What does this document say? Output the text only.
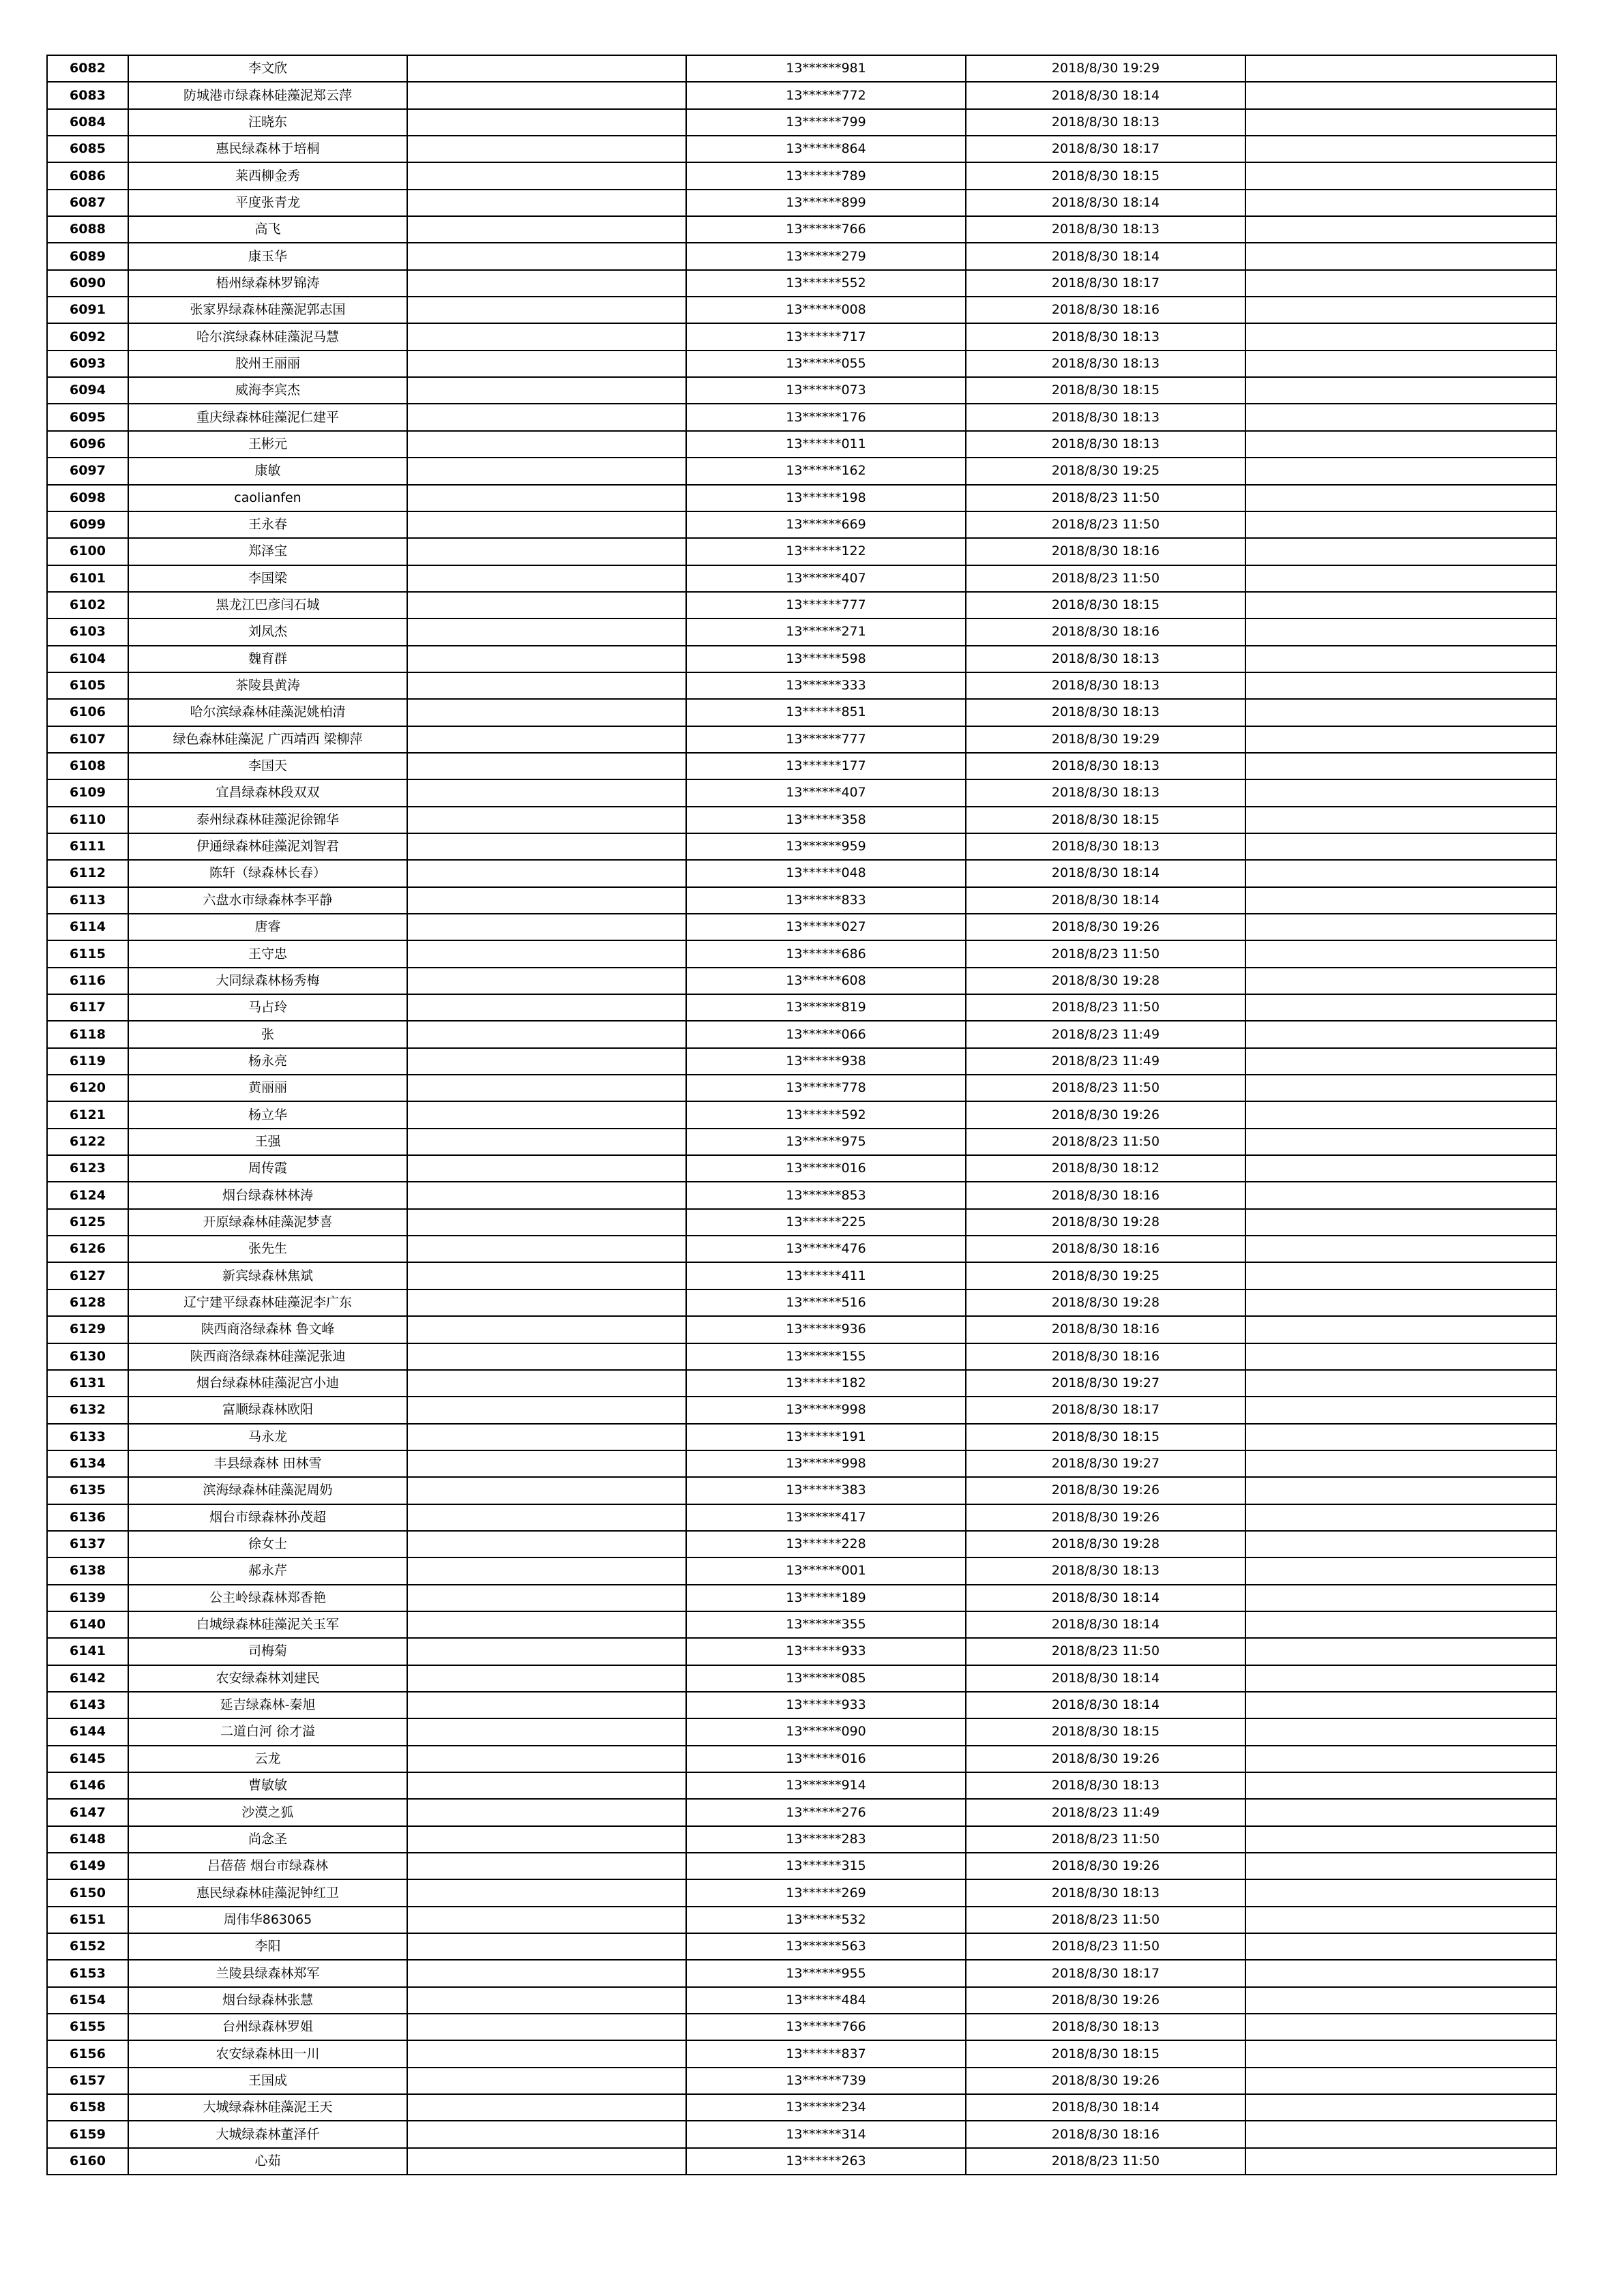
6082	李文欣		13******981	2018/8/30 19:29	
6083	防城港市绿森林硅藻泥郑云萍		13******772	2018/8/30 18:14	
6084	汪晓东		13******799	2018/8/30 18:13	
6085	惠民绿森林于培桐		13******864	2018/8/30 18:17	
6086	莱西柳金秀		13******789	2018/8/30 18:15	
6087	平度张青龙		13******899	2018/8/30 18:14	
6088	高飞		13******766	2018/8/30 18:13	
6089	康玉华		13******279	2018/8/30 18:14	
6090	梧州绿森林罗锦涛		13******552	2018/8/30 18:17	
6091	张家界绿森林硅藻泥郭志国		13******008	2018/8/30 18:16	
6092	哈尔滨绿森林硅藻泥马慧		13******717	2018/8/30 18:13	
6093	胶州王丽丽		13******055	2018/8/30 18:13	
6094	威海李宾杰		13******073	2018/8/30 18:15	
6095	重庆绿森林硅藻泥仁建平		13******176	2018/8/30 18:13	
6096	王彬元		13******011	2018/8/30 18:13	
6097	康敏		13******162	2018/8/30 19:25	
6098	caolianfen		13******198	2018/8/23 11:50	
6099	王永春		13******669	2018/8/23 11:50	
6100	郑泽宝		13******122	2018/8/30 18:16	
6101	李国梁		13******407	2018/8/23 11:50	
6102	黑龙江巴彦闫石城		13******777	2018/8/30 18:15	
6103	刘凤杰		13******271	2018/8/30 18:16	
6104	魏育群		13******598	2018/8/30 18:13	
6105	茶陵县黄涛		13******333	2018/8/30 18:13	
6106	哈尔滨绿森林硅藻泥姚柏清		13******851	2018/8/30 18:13	
6107	绿色森林硅藻泥 广西靖西 梁柳萍		13******777	2018/8/30 19:29	
6108	李国天		13******177	2018/8/30 18:13	
6109	宜昌绿森林段双双		13******407	2018/8/30 18:13	
6110	泰州绿森林硅藻泥徐锦华		13******358	2018/8/30 18:15	
6111	伊通绿森林硅藻泥刘智君		13******959	2018/8/30 18:13	
6112	陈轩（绿森林长春）		13******048	2018/8/30 18:14	
6113	六盘水市绿森林李平静		13******833	2018/8/30 18:14	
6114	唐睿		13******027	2018/8/30 19:26	
6115	王守忠		13******686	2018/8/23 11:50	
6116	大同绿森林杨秀梅		13******608	2018/8/30 19:28	
6117	马占玲		13******819	2018/8/23 11:50	
6118	张		13******066	2018/8/23 11:49	
6119	杨永亮		13******938	2018/8/23 11:49	
6120	黄丽丽		13******778	2018/8/23 11:50	
6121	杨立华		13******592	2018/8/30 19:26	
6122	王强		13******975	2018/8/23 11:50	
6123	周传霞		13******016	2018/8/30 18:12	
6124	烟台绿森林林涛		13******853	2018/8/30 18:16	
6125	开原绿森林硅藻泥梦喜		13******225	2018/8/30 19:28	
6126	张先生		13******476	2018/8/30 18:16	
6127	新宾绿森林焦斌		13******411	2018/8/30 19:25	
6128	辽宁建平绿森林硅藻泥李广东		13******516	2018/8/30 19:28	
6129	陕西商洛绿森林 鲁文峰		13******936	2018/8/30 18:16	
6130	陕西商洛绿森林硅藻泥张迪		13******155	2018/8/30 18:16	
6131	烟台绿森林硅藻泥宫小迪		13******182	2018/8/30 19:27	
6132	富顺绿森林欧阳		13******998	2018/8/30 18:17	
6133	马永龙		13******191	2018/8/30 18:15	
6134	丰县绿森林 田林雪		13******998	2018/8/30 19:27	
6135	滨海绿森林硅藻泥周奶		13******383	2018/8/30 19:26	
6136	烟台市绿森林孙茂超		13******417	2018/8/30 19:26	
6137	徐女士		13******228	2018/8/30 19:28	
6138	郝永芹		13******001	2018/8/30 18:13	
6139	公主岭绿森林郑香艳		13******189	2018/8/30 18:14	
6140	白城绿森林硅藻泥关玉军		13******355	2018/8/30 18:14	
6141	司梅菊		13******933	2018/8/23 11:50	
6142	农安绿森林刘建民		13******085	2018/8/30 18:14	
6143	延吉绿森林-秦旭		13******933	2018/8/30 18:14	
6144	二道白河 徐才溢		13******090	2018/8/30 18:15	
6145	云龙		13******016	2018/8/30 19:26	
6146	曹敏敏		13******914	2018/8/30 18:13	
6147	沙漠之狐		13******276	2018/8/23 11:49	
6148	尚念圣		13******283	2018/8/23 11:50	
6149	吕蓓蓓 烟台市绿森林		13******315	2018/8/30 19:26	
6150	惠民绿森林硅藻泥钟红卫		13******269	2018/8/30 18:13	
6151	周伟华863065		13******532	2018/8/23 11:50	
6152	李阳		13******563	2018/8/23 11:50	
6153	兰陵县绿森林郑军		13******955	2018/8/30 18:17	
6154	烟台绿森林张慧		13******484	2018/8/30 19:26	
6155	台州绿森林罗姐		13******766	2018/8/30 18:13	
6156	农安绿森林田一川		13******837	2018/8/30 18:15	
6157	王国成		13******739	2018/8/30 19:26	
6158	大城绿森林硅藻泥王天		13******234	2018/8/30 18:14	
6159	大城绿森林董泽仟		13******314	2018/8/30 18:16	
6160	心茹		13******263	2018/8/23 11:50	
